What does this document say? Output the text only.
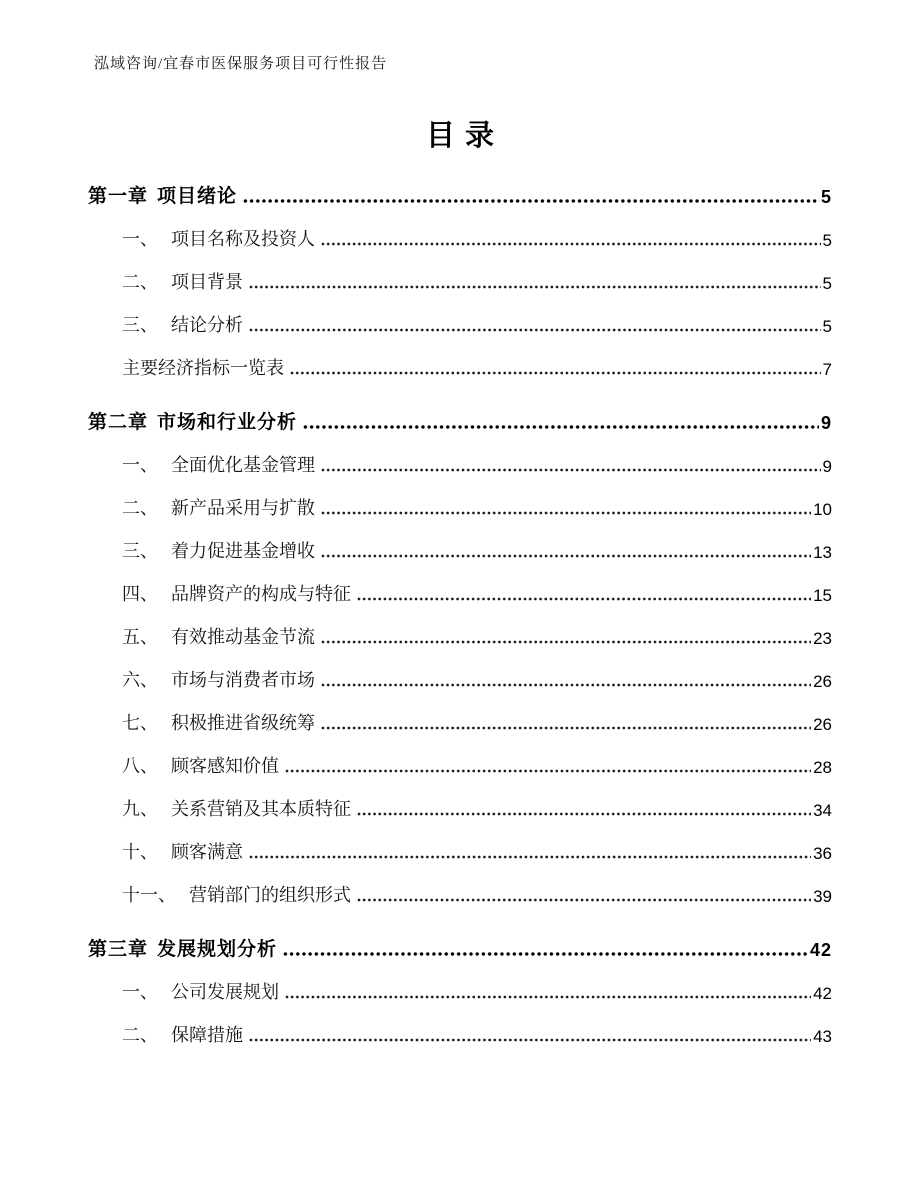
泓域咨询/宜春市医保服务项目可行性报告
目录
第一章 项目绪论	5
一、 项目名称及投资人	5
二、 项目背景	5
三、 结论分析	5
主要经济指标一览表	7
第二章 市场和行业分析	9
一、 全面优化基金管理	9
二、 新产品采用与扩散	10
三、 着力促进基金增收	13
四、 品牌资产的构成与特征	15
五、 有效推动基金节流	23
六、 市场与消费者市场	26
七、 积极推进省级统筹	26
八、 顾客感知价值	28
九、 关系营销及其本质特征	34
十、 顾客满意	36
十一、 营销部门的组织形式	39
第三章 发展规划分析	42
一、 公司发展规划	42
二、 保障措施	43
